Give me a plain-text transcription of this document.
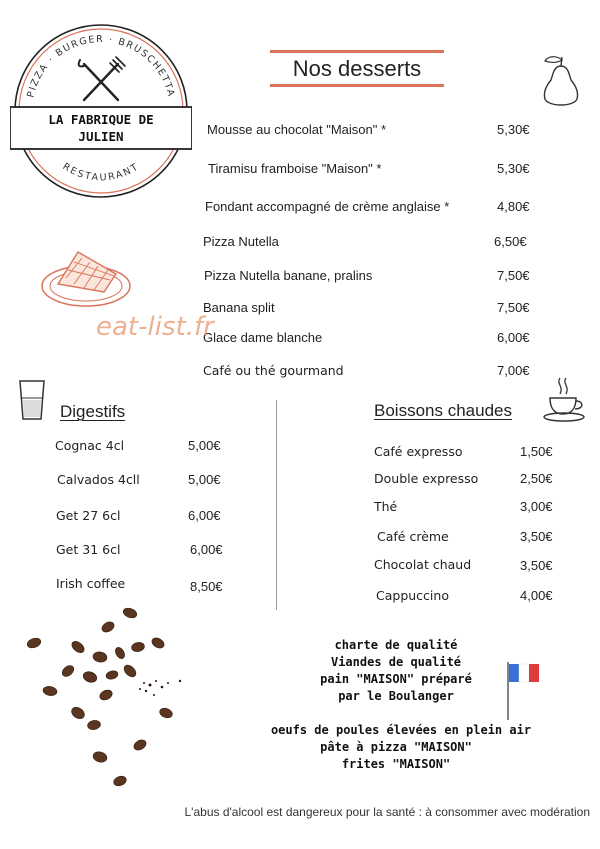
PIZZA · BURGER · BRUSCHETTA
RESTAURANT
LA FABRIQUE DE
JULIEN
Nos desserts
Mousse au chocolat "Maison" *	5,30€
Tiramisu framboise "Maison" *	5,30€
Fondant accompagné de crème anglaise *	4,80€
Pizza Nutella	6,50€
Pizza Nutella banane, pralins	7,50€
Banana split	7,50€
Glace dame blanche	6,00€
Café ou thé gourmand	7,00€
eat-list.fr
Digestifs
Cognac 4cl	5,00€
Calvados 4cll	5,00€
Get 27 6cl	6,00€
Get 31 6cl	6,00€
Irish coffee	8,50€
Boissons chaudes
Café expresso	1,50€
Double expresso	2,50€
Thé	3,00€
Café crème	3,50€
Chocolat chaud	3,50€
Cappuccino	4,00€
charte de qualité
Viandes de qualité
pain "MAISON" préparé
par le Boulanger
oeufs de poules élevées en plein air
pâte à pizza "MAISON"
frites "MAISON"
L'abus d'alcool est dangereux pour la santé : à consommer avec modération
